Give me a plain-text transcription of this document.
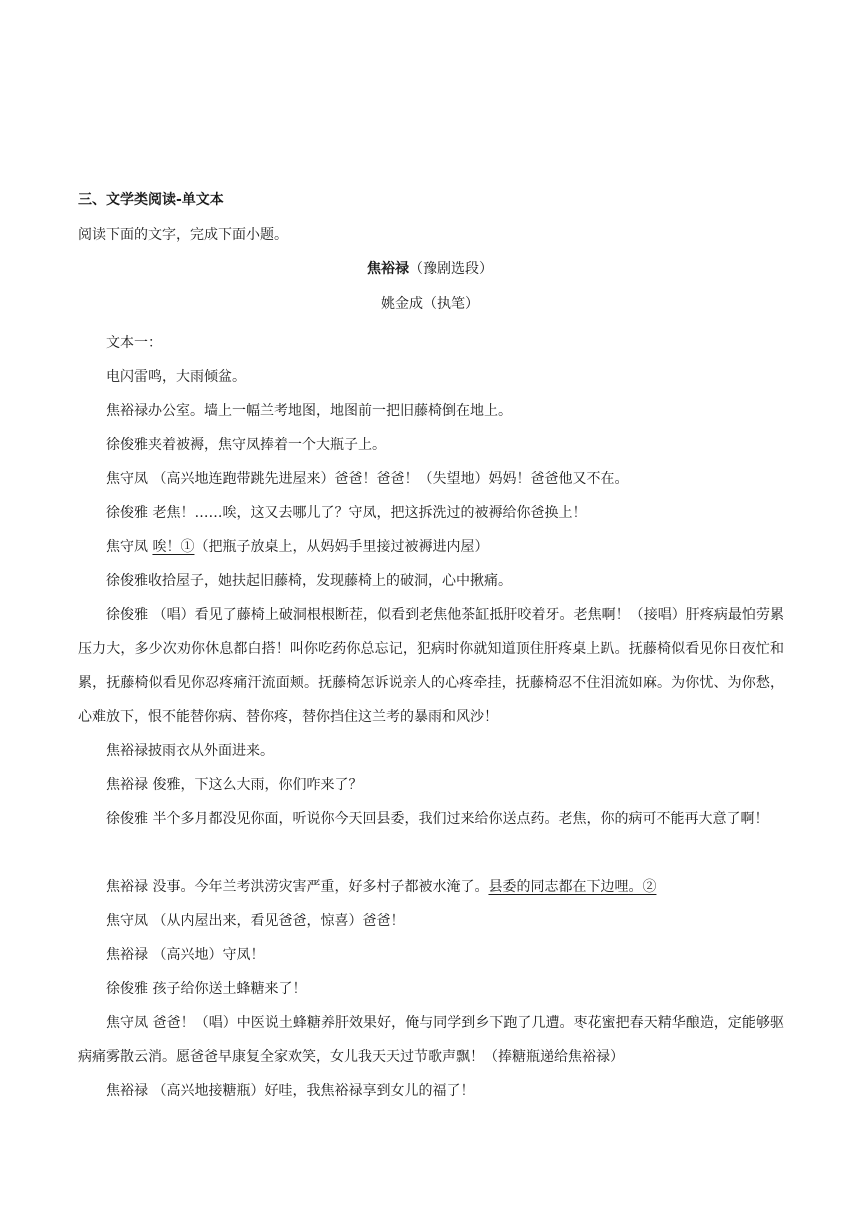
三、文学类阅读-单文本
阅读下面的文字，完成下面小题。
焦裕禄（豫剧选段）
姚金成（执笔）
文本一：
电闪雷鸣，大雨倾盆。
焦裕禄办公室。墙上一幅兰考地图，地图前一把旧藤椅倒在地上。
徐俊雅夹着被褥，焦守凤捧着一个大瓶子上。
焦守凤 （高兴地连跑带跳先进屋来）爸爸！爸爸！（失望地）妈妈！爸爸他又不在。
徐俊雅 老焦！……唉，这又去哪儿了？守凤，把这拆洗过的被褥给你爸换上！
焦守凤 唉！①（把瓶子放桌上，从妈妈手里接过被褥进内屋）
徐俊雅收拾屋子，她扶起旧藤椅，发现藤椅上的破洞，心中揪痛。
徐俊雅 （唱）看见了藤椅上破洞根根断茬，似看到老焦他茶缸抵肝咬着牙。老焦啊！（接唱）肝疼病最怕劳累压力大，多少次劝你休息都白搭！叫你吃药你总忘记，犯病时你就知道顶住肝疼桌上趴。抚藤椅似看见你日夜忙和累，抚藤椅似看见你忍疼痛汗流面颊。抚藤椅怎诉说亲人的心疼牵挂，抚藤椅忍不住泪流如麻。为你忧、为你愁，心难放下，恨不能替你病、替你疼，替你挡住这兰考的暴雨和风沙！
焦裕禄披雨衣从外面进来。
焦裕禄 俊雅，下这么大雨，你们咋来了？
徐俊雅 半个多月都没见你面，听说你今天回县委，我们过来给你送点药。老焦，你的病可不能再大意了啊！
焦裕禄 没事。今年兰考洪涝灾害严重，好多村子都被水淹了。县委的同志都在下边哩。②
焦守凤 （从内屋出来，看见爸爸，惊喜）爸爸！
焦裕禄 （高兴地）守凤！
徐俊雅 孩子给你送土蜂糖来了！
焦守凤 爸爸！（唱）中医说土蜂糖养肝效果好，俺与同学到乡下跑了几遭。枣花蜜把春天精华酿造，定能够驱病痛雾散云消。愿爸爸早康复全家欢笑，女儿我天天过节歌声飘！（捧糖瓶递给焦裕禄）
焦裕禄 （高兴地接糖瓶）好哇，我焦裕禄享到女儿的福了！
